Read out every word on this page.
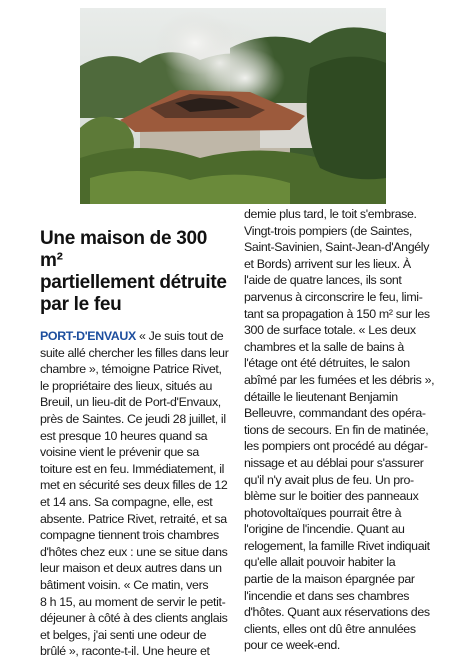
Une maison de 300 m²
partiellement détruite
par le feu
PORT-D'ENVAUX « Je suis tout de
suite allé chercher les filles dans leur
chambre », témoigne Patrice Rivet,
le propriétaire des lieux, situés au
Breuil, un lieu-dit de Port-d'Envaux,
près de Saintes. Ce jeudi 28 juillet, il
est presque 10 heures quand sa
voisine vient le prévenir que sa
toiture est en feu. Immédiatement, il
met en sécurité ses deux filles de 12
et 14 ans. Sa compagne, elle, est
absente. Patrice Rivet, retraité, et sa
compagne tiennent trois chambres
d'hôtes chez eux : une se situe dans
leur maison et deux autres dans un
bâtiment voisin. « Ce matin, vers
8 h 15, au moment de servir le petit-
déjeuner à côté à des clients anglais
et belges, j'ai senti une odeur de
brûlé », raconte-t-il. Une heure et
demie plus tard, le toit s'embrase.
Vingt-trois pompiers (de Saintes,
Saint-Savinien, Saint-Jean-d'Angély
et Bords) arrivent sur les lieux. À
l'aide de quatre lances, ils sont
parvenus à circonscrire le feu, limi-
tant sa propagation à 150 m² sur les
300 de surface totale. « Les deux
chambres et la salle de bains à
l'étage ont été détruites, le salon
abîmé par les fumées et les débris »,
détaille le lieutenant Benjamin
Belleuvre, commandant des opéra-
tions de secours. En fin de matinée,
les pompiers ont procédé au dégar-
nissage et au déblai pour s'assurer
qu'il n'y avait plus de feu. Un pro-
blème sur le boitier des panneaux
photovoltaïques pourrait être à
l'origine de l'incendie. Quant au
relogement, la famille Rivet indiquait
qu'elle allait pouvoir habiter la
partie de la maison épargnée par
l'incendie et dans ses chambres
d'hôtes. Quant aux réservations des
clients, elles ont dû être annulées
pour ce week-end.
